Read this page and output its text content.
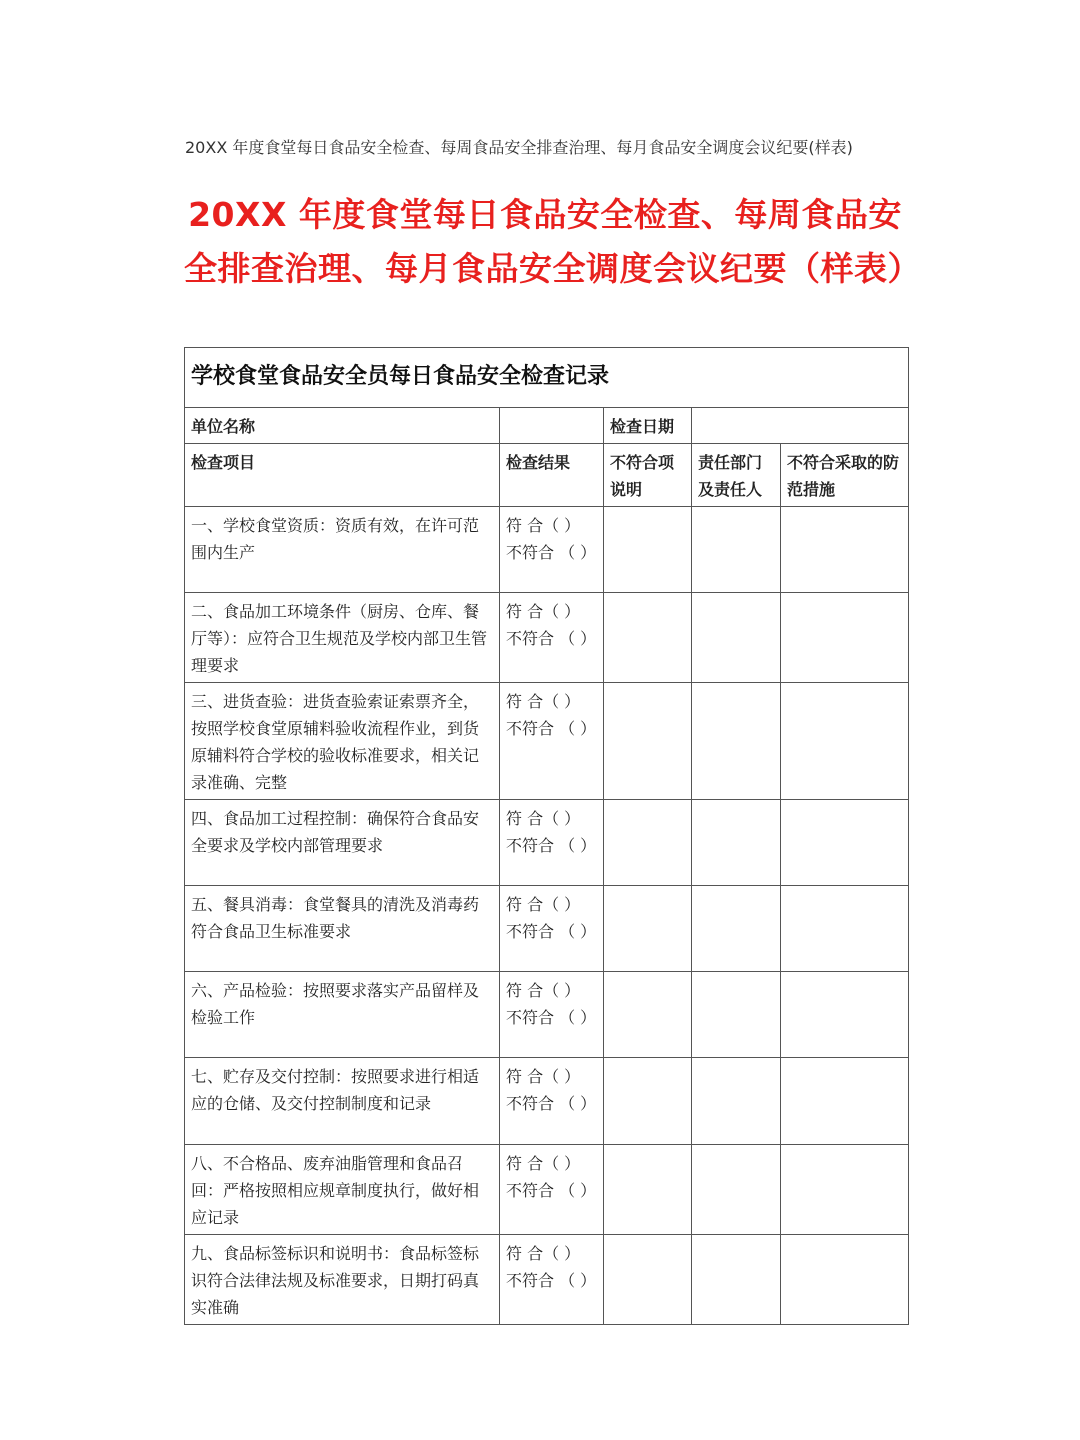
20XX 年度食堂每日食品安全检查、每周食品安全排查治理、每月食品安全调度会议纪要(样表)
20XX 年度食堂每日食品安全检查、每周食品安全排查治理、每月食品安全调度会议纪要（样表）
学校食堂食品安全员每日食品安全检查记录				
单位名称		检查日期		
检查项目	检查结果	不符合项说明	责任部门及责任人	不符合采取的防范措施
一、学校食堂资质：资质有效，在许可范围内生产	符 合（ ） 不符合 （ ）			
二、食品加工环境条件（厨房、仓库、餐厅等）：应符合卫生规范及学校内部卫生管理要求	符 合（ ） 不符合 （ ）			
三、进货查验：进货查验索证索票齐全，按照学校食堂原辅料验收流程作业，到货原辅料符合学校的验收标准要求，相关记录准确、完整	符 合（ ） 不符合 （ ）			
四、食品加工过程控制：确保符合食品安全要求及学校内部管理要求	符 合（ ） 不符合 （ ）			
五、餐具消毒：食堂餐具的清洗及消毒药符合食品卫生标准要求	符 合（ ） 不符合 （ ）			
六、产品检验：按照要求落实产品留样及检验工作	符 合（ ） 不符合 （ ）			
七、贮存及交付控制：按照要求进行相适应的仓储、及交付控制制度和记录	符 合（ ） 不符合 （ ）			
八、不合格品、废弃油脂管理和食品召回：严格按照相应规章制度执行，做好相应记录	符 合（ ） 不符合 （ ）			
九、食品标签标识和说明书：食品标签标识符合法律法规及标准要求，日期打码真实准确	符 合（ ） 不符合 （ ）			
